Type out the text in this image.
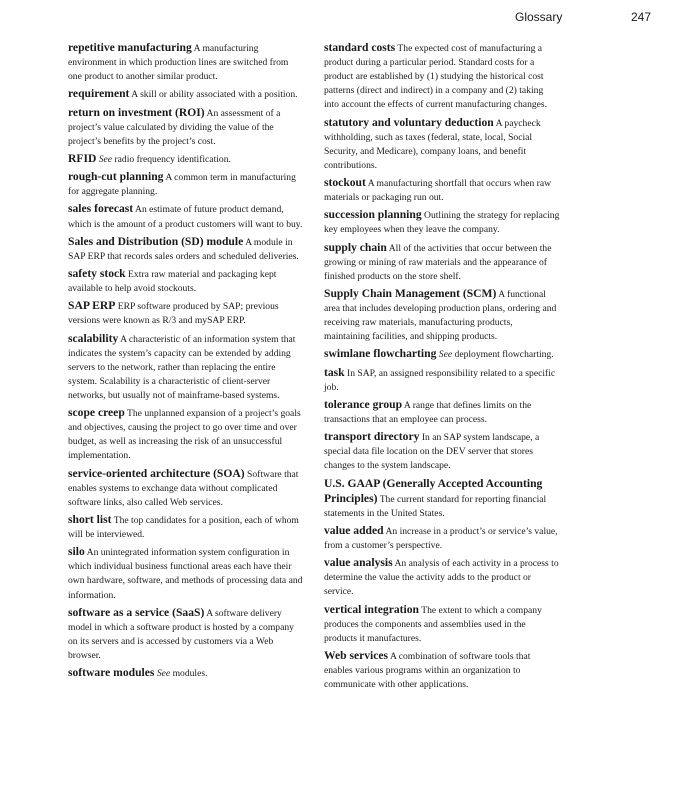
Glossary	247

repetitive manufacturing A manufacturing environment in which production lines are switched from one product to another similar product.

requirement A skill or ability associated with a position.

return on investment (ROI) An assessment of a project’s value calculated by dividing the value of the project’s benefits by the project’s cost.

RFID See radio frequency identification.

rough-cut planning A common term in manufacturing for aggregate planning.

sales forecast An estimate of future product demand, which is the amount of a product customers will want to buy.

Sales and Distribution (SD) module A module in SAP ERP that records sales orders and scheduled deliveries.

safety stock Extra raw material and packaging kept available to help avoid stockouts.

SAP ERP ERP software produced by SAP; previous versions were known as R/3 and mySAP ERP.

scalability A characteristic of an information system that indicates the system’s capacity can be extended by adding servers to the network, rather than replacing the entire system. Scalability is a characteristic of client-server networks, but usually not of mainframe-based systems.

scope creep The unplanned expansion of a project’s goals and objectives, causing the project to go over time and over budget, as well as increasing the risk of an unsuccessful implementation.

service-oriented architecture (SOA) Software that enables systems to exchange data without complicated software links, also called Web services.

short list The top candidates for a position, each of whom will be interviewed.

silo An unintegrated information system configuration in which individual business functional areas each have their own hardware, software, and methods of processing data and information.

software as a service (SaaS) A software delivery model in which a software product is hosted by a company on its servers and is accessed by customers via a Web browser.

software modules See modules.

standard costs The expected cost of manufacturing a product during a particular period. Standard costs for a product are established by (1) studying the historical cost patterns (direct and indirect) in a company and (2) taking into account the effects of current manufacturing changes.

statutory and voluntary deduction A paycheck withholding, such as taxes (federal, state, local, Social Security, and Medicare), company loans, and benefit contributions.

stockout A manufacturing shortfall that occurs when raw materials or packaging run out.

succession planning Outlining the strategy for replacing key employees when they leave the company.

supply chain All of the activities that occur between the growing or mining of raw materials and the appearance of finished products on the store shelf.

Supply Chain Management (SCM) A functional area that includes developing production plans, ordering and receiving raw materials, manufacturing products, maintaining facilities, and shipping products.

swimlane flowcharting See deployment flowcharting.

task In SAP, an assigned responsibility related to a specific job.

tolerance group A range that defines limits on the transactions that an employee can process.

transport directory In an SAP system landscape, a special data file location on the DEV server that stores changes to the system landscape.

U.S. GAAP (Generally Accepted Accounting Principles) The current standard for reporting financial statements in the United States.

value added An increase in a product’s or service’s value, from a customer’s perspective.

value analysis An analysis of each activity in a process to determine the value the activity adds to the product or service.

vertical integration The extent to which a company produces the components and assemblies used in the products it manufactures.

Web services A combination of software tools that enables various programs within an organization to communicate with other applications.
